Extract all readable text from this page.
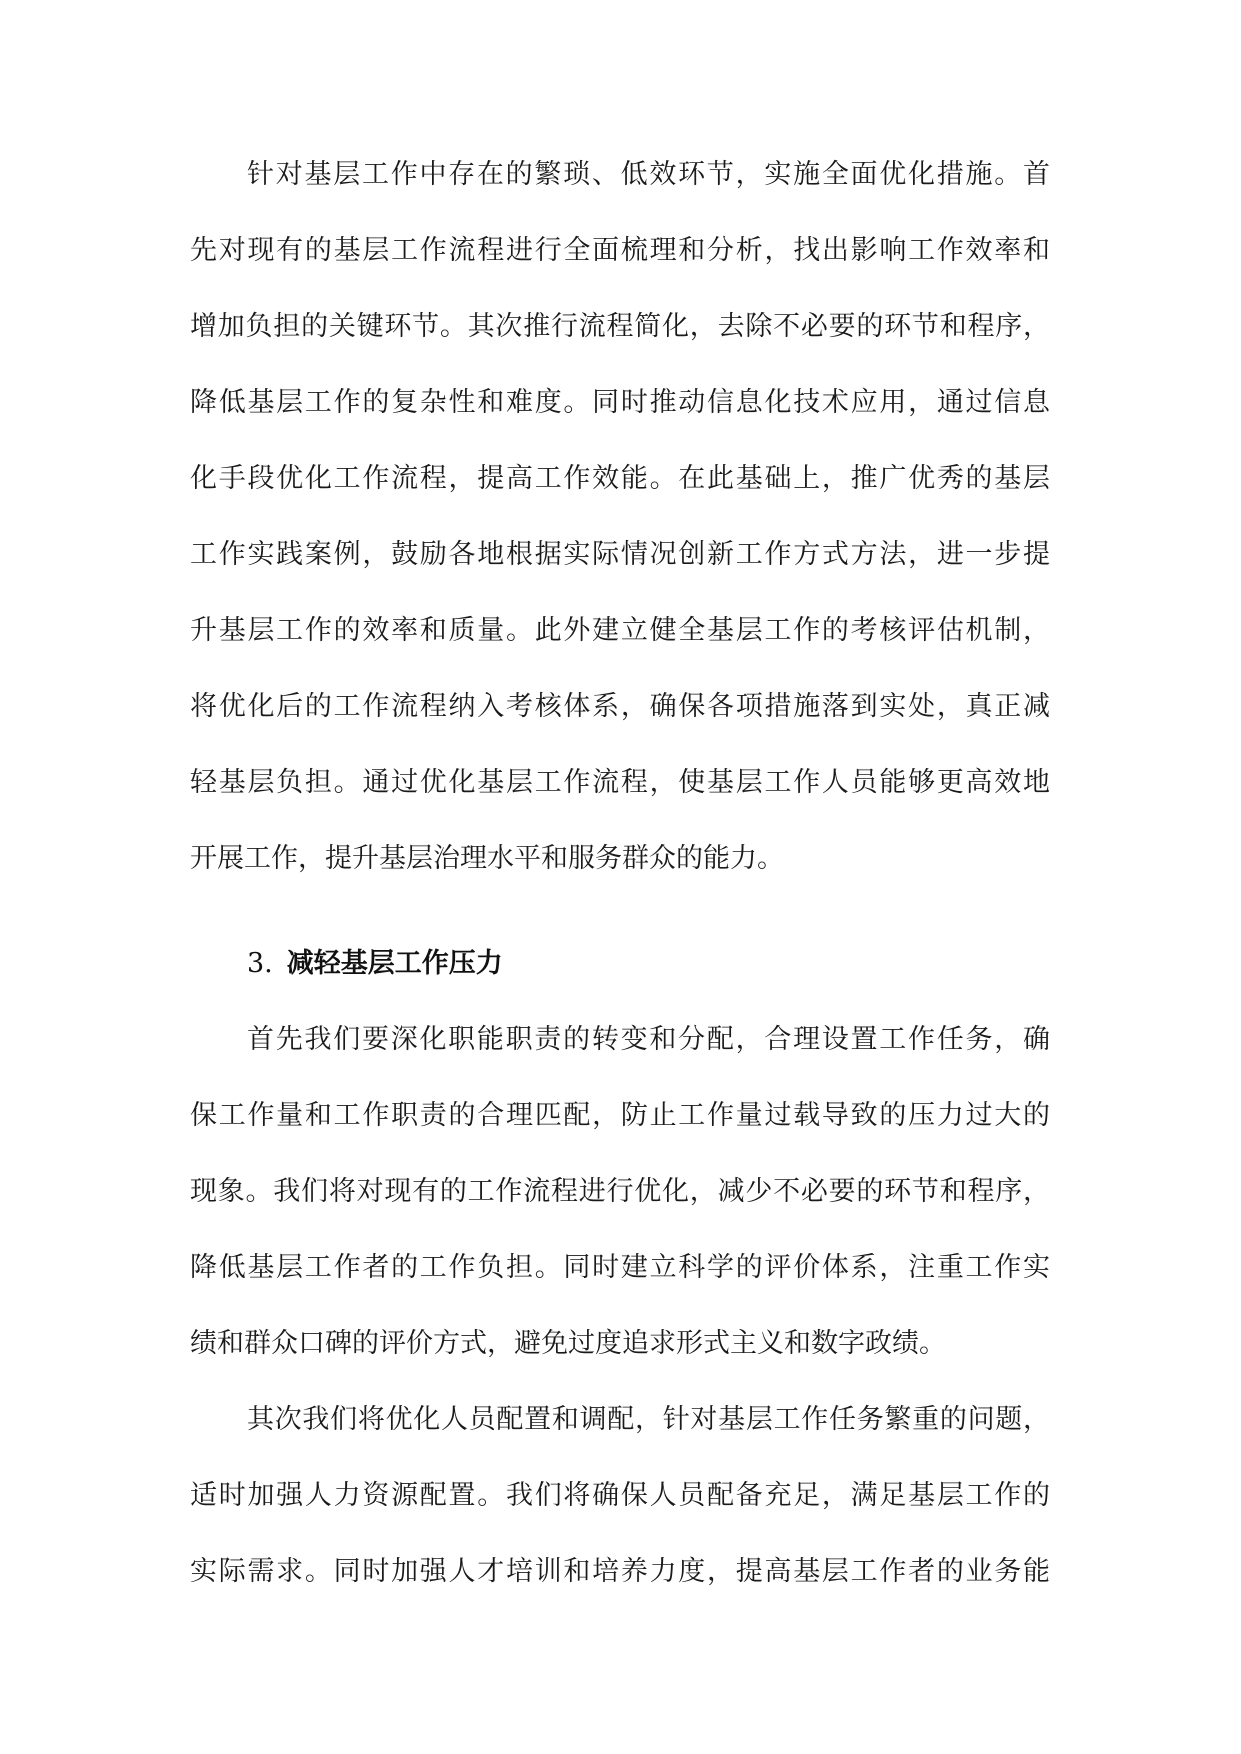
针对基层工作中存在的繁琐、低效环节，实施全面优化措施。首
先对现有的基层工作流程进行全面梳理和分析，找出影响工作效率和
增加负担的关键环节。其次推行流程简化，去除不必要的环节和程序，
降低基层工作的复杂性和难度。同时推动信息化技术应用，通过信息
化手段优化工作流程，提高工作效能。在此基础上，推广优秀的基层
工作实践案例，鼓励各地根据实际情况创新工作方式方法，进一步提
升基层工作的效率和质量。此外建立健全基层工作的考核评估机制，
将优化后的工作流程纳入考核体系，确保各项措施落到实处，真正减
轻基层负担。通过优化基层工作流程，使基层工作人员能够更高效地
开展工作，提升基层治理水平和服务群众的能力。
3. 减轻基层工作压力
首先我们要深化职能职责的转变和分配，合理设置工作任务，确
保工作量和工作职责的合理匹配，防止工作量过载导致的压力过大的
现象。我们将对现有的工作流程进行优化，减少不必要的环节和程序，
降低基层工作者的工作负担。同时建立科学的评价体系，注重工作实
绩和群众口碑的评价方式，避免过度追求形式主义和数字政绩。
其次我们将优化人员配置和调配，针对基层工作任务繁重的问题，
适时加强人力资源配置。我们将确保人员配备充足，满足基层工作的
实际需求。同时加强人才培训和培养力度，提高基层工作者的业务能
